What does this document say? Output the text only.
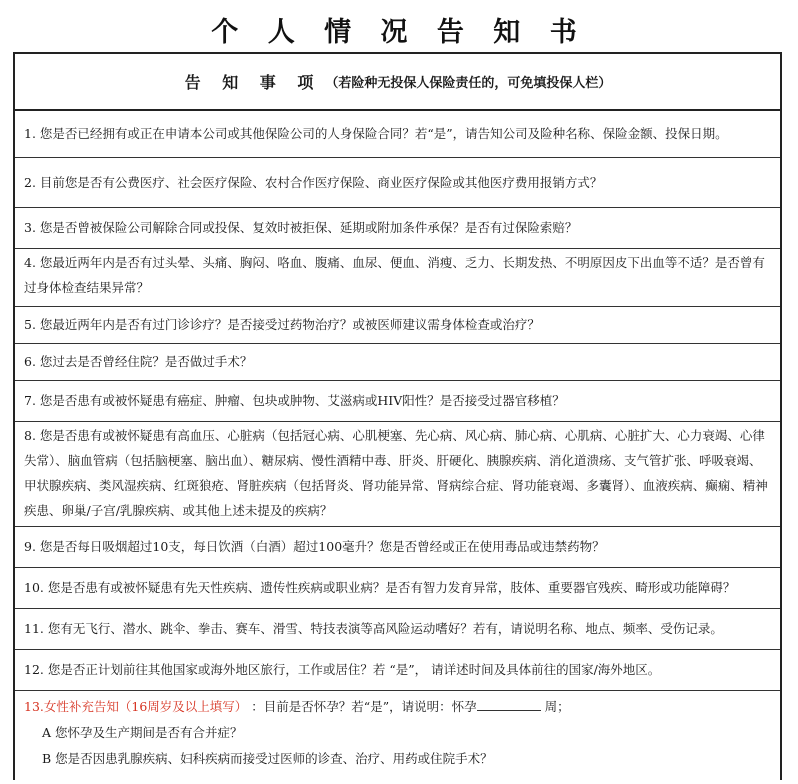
个 人 情 况 告 知 书
告 知 事 项 （若险种无投保人保险责任的，可免填投保人栏）
1. 您是否已经拥有或正在申请本公司或其他保险公司的人身保险合同？若“是”，请告知公司及险种名称、保险金额、投保日期。
2. 目前您是否有公费医疗、社会医疗保险、农村合作医疗保险、商业医疗保险或其他医疗费用报销方式？
3. 您是否曾被保险公司解除合同或投保、复效时被拒保、延期或附加条件承保？是否有过保险索赔？
4. 您最近两年内是否有过头晕、头痛、胸闷、咯血、腹痛、血尿、便血、消瘦、乏力、长期发热、不明原因皮下出血等不适？是否曾有过身体检查结果异常？
5. 您最近两年内是否有过门诊诊疗？是否接受过药物治疗？或被医师建议需身体检查或治疗？
6. 您过去是否曾经住院？是否做过手术？
7. 您是否患有或被怀疑患有癌症、肿瘤、包块或肿物、艾滋病或HIV阳性？是否接受过器官移植？
8. 您是否患有或被怀疑患有高血压、心脏病（包括冠心病、心肌梗塞、先心病、风心病、肺心病、心肌病、心脏扩大、心力衰竭、心律失常）、脑血管病（包括脑梗塞、脑出血）、糖尿病、慢性酒精中毒、肝炎、肝硬化、胰腺疾病、消化道溃疡、支气管扩张、呼吸衰竭、甲状腺疾病、类风湿疾病、红斑狼疮、肾脏疾病（包括肾炎、肾功能异常、肾病综合症、肾功能衰竭、多囊肾）、血液疾病、癫痫、精神疾患、卵巢/子宫/乳腺疾病、或其他上述未提及的疾病？
9. 您是否每日吸烟超过10支，每日饮酒（白酒）超过100毫升？您是否曾经或正在使用毒品或违禁药物？
10. 您是否患有或被怀疑患有先天性疾病、遗传性疾病或职业病？是否有智力发育异常，肢体、重要器官残疾、畸形或功能障碍？
11. 您有无飞行、潜水、跳伞、拳击、赛车、滑雪、特技表演等高风险运动嗜好？若有，请说明名称、地点、频率、受伤记录。
12. 您是否正计划前往其他国家或海外地区旅行，工作或居住？若 “是”， 请详述时间及具体前往的国家/海外地区。
13.女性补充告知（16周岁及以上填写） ：目前是否怀孕？若“是”，请说明：怀孕	周；
A 您怀孕及生产期间是否有合并症？
B 您是否因患乳腺疾病、妇科疾病而接受过医师的诊查、治疗、用药或住院手术？
